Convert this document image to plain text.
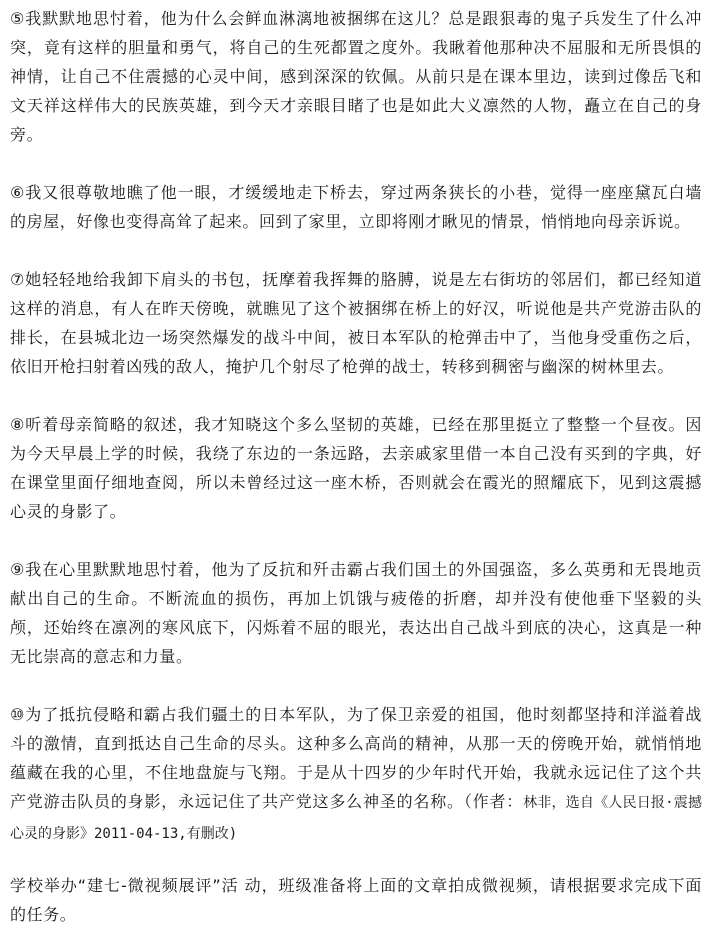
⑤我默默地思忖着，他为什么会鲜血淋漓地被捆绑在这儿？总是跟狠毒的鬼子兵发生了什么冲突，竟有这样的胆量和勇气，将自己的生死都置之度外。我瞅着他那种决不屈服和无所畏惧的神情，让自己不住震撼的心灵中间，感到深深的钦佩。从前只是在课本里边，读到过像岳飞和文天祥这样伟大的民族英雄，到今天才亲眼目睹了也是如此大义凛然的人物，矗立在自己的身旁。

⑥我又很尊敬地瞧了他一眼，才缓缓地走下桥去，穿过两条狭长的小巷，觉得一座座黛瓦白墙的房屋，好像也变得高耸了起来。回到了家里，立即将刚才瞅见的情景，悄悄地向母亲诉说。

⑦她轻轻地给我卸下肩头的书包，抚摩着我挥舞的胳膊，说是左右街坊的邻居们，都已经知道这样的消息，有人在昨天傍晚，就瞧见了这个被捆绑在桥上的好汉，听说他是共产党游击队的排长，在县城北边一场突然爆发的战斗中间，被日本军队的枪弹击中了，当他身受重伤之后，依旧开枪扫射着凶残的敌人，掩护几个射尽了枪弹的战士，转移到稠密与幽深的树林里去。

⑧听着母亲简略的叙述，我才知晓这个多么坚韧的英雄，已经在那里挺立了整整一个昼夜。因为今天早晨上学的时候，我绕了东边的一条远路，去亲戚家里借一本自己没有买到的字典，好在课堂里面仔细地查阅，所以未曾经过这一座木桥，否则就会在霞光的照耀底下，见到这震撼心灵的身影了。

⑨我在心里默默地思忖着，他为了反抗和歼击霸占我们国土的外国强盗，多么英勇和无畏地贡献出自己的生命。不断流血的损伤，再加上饥饿与疲倦的折磨，却并没有使他垂下坚毅的头颅，还始终在凛冽的寒风底下，闪烁着不屈的眼光，表达出自己战斗到底的决心，这真是一种无比崇高的意志和力量。

⑩为了抵抗侵略和霸占我们疆土的日本军队，为了保卫亲爱的祖国，他时刻都坚持和洋溢着战斗的激情，直到抵达自己生命的尽头。这种多么高尚的精神，从那一天的傍晚开始，就悄悄地蕴藏在我的心里，不住地盘旋与飞翔。于是从十四岁的少年时代开始，我就永远记住了这个共产党游击队员的身影，永远记住了共产党这多么神圣的名称。（作者：林非，选自《人民日报·震撼心灵的身影》2011-04-13,有删改)

学校举办“建七-微视频展评”活 动，班级准备将上面的文章拍成微视频，请根据要求完成下面的任务。
